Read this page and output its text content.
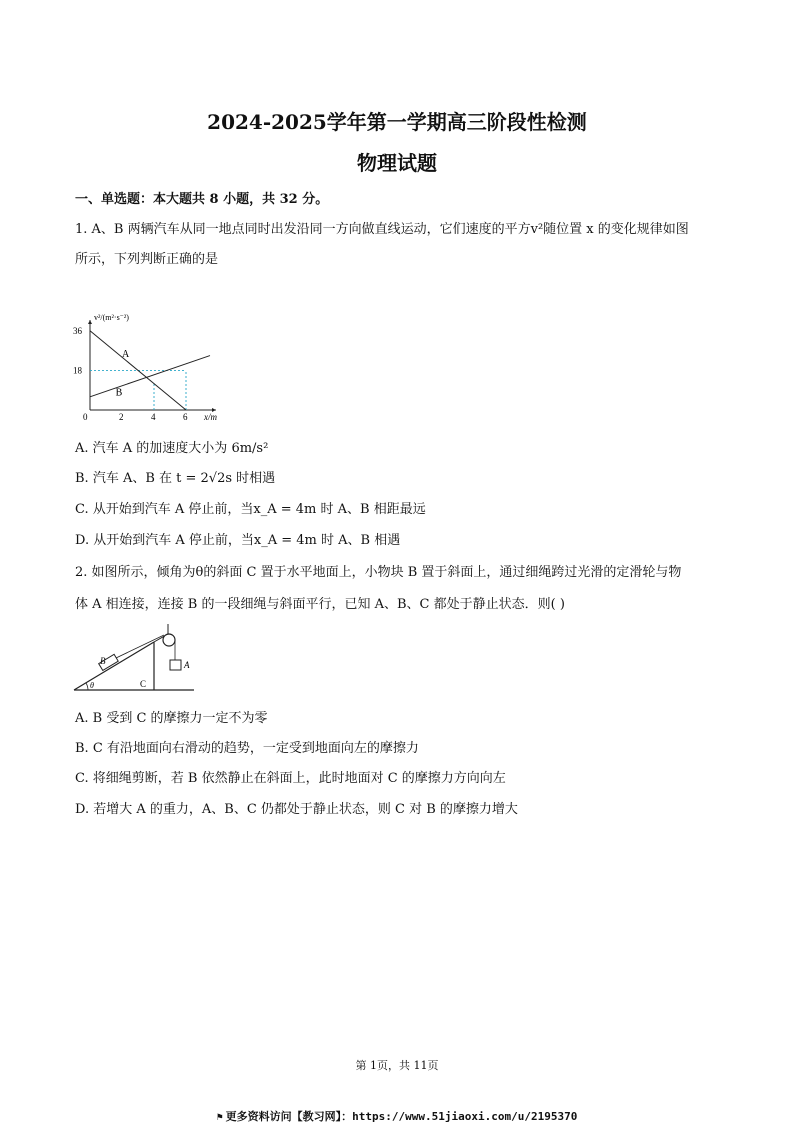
2024-2025学年第一学期高三阶段性检测
物理试题
一、单选题：本大题共 8 小题，共 32 分。
1. A、B 两辆汽车从同一地点同时出发沿同一方向做直线运动，它们速度的平方v²随位置 x 的变化规律如图
所示，下列判断正确的是
A
B
0	2	4	6
18
36
x/m
v²/(m²·s⁻²)
A. 汽车 A 的加速度大小为 6m/s²
B. 汽车 A、B 在 t = 2√2s 时相遇
C. 从开始到汽车 A 停止前，当x_A = 4m 时 A、B 相距最远
D. 从开始到汽车 A 停止前，当x_A = 4m 时 A、B 相遇
2. 如图所示，倾角为θ的斜面 C 置于水平地面上，小物块 B 置于斜面上，通过细绳跨过光滑的定滑轮与物
体 A 相连接，连接 B 的一段细绳与斜面平行，已知 A、B、C 都处于静止状态．则( )
B	A
C
θ
A. B 受到 C 的摩擦力一定不为零
B. C 有沿地面向右滑动的趋势，一定受到地面向左的摩擦力
C. 将细绳剪断，若 B 依然静止在斜面上，此时地面对 C 的摩擦力方向向左
D. 若增大 A 的重力，A、B、C 仍都处于静止状态，则 C 对 B 的摩擦力增大
第 1页，共 11页
⚑ 更多资料访问【教习网】：https://www.51jiaoxi.com/u/2195370
